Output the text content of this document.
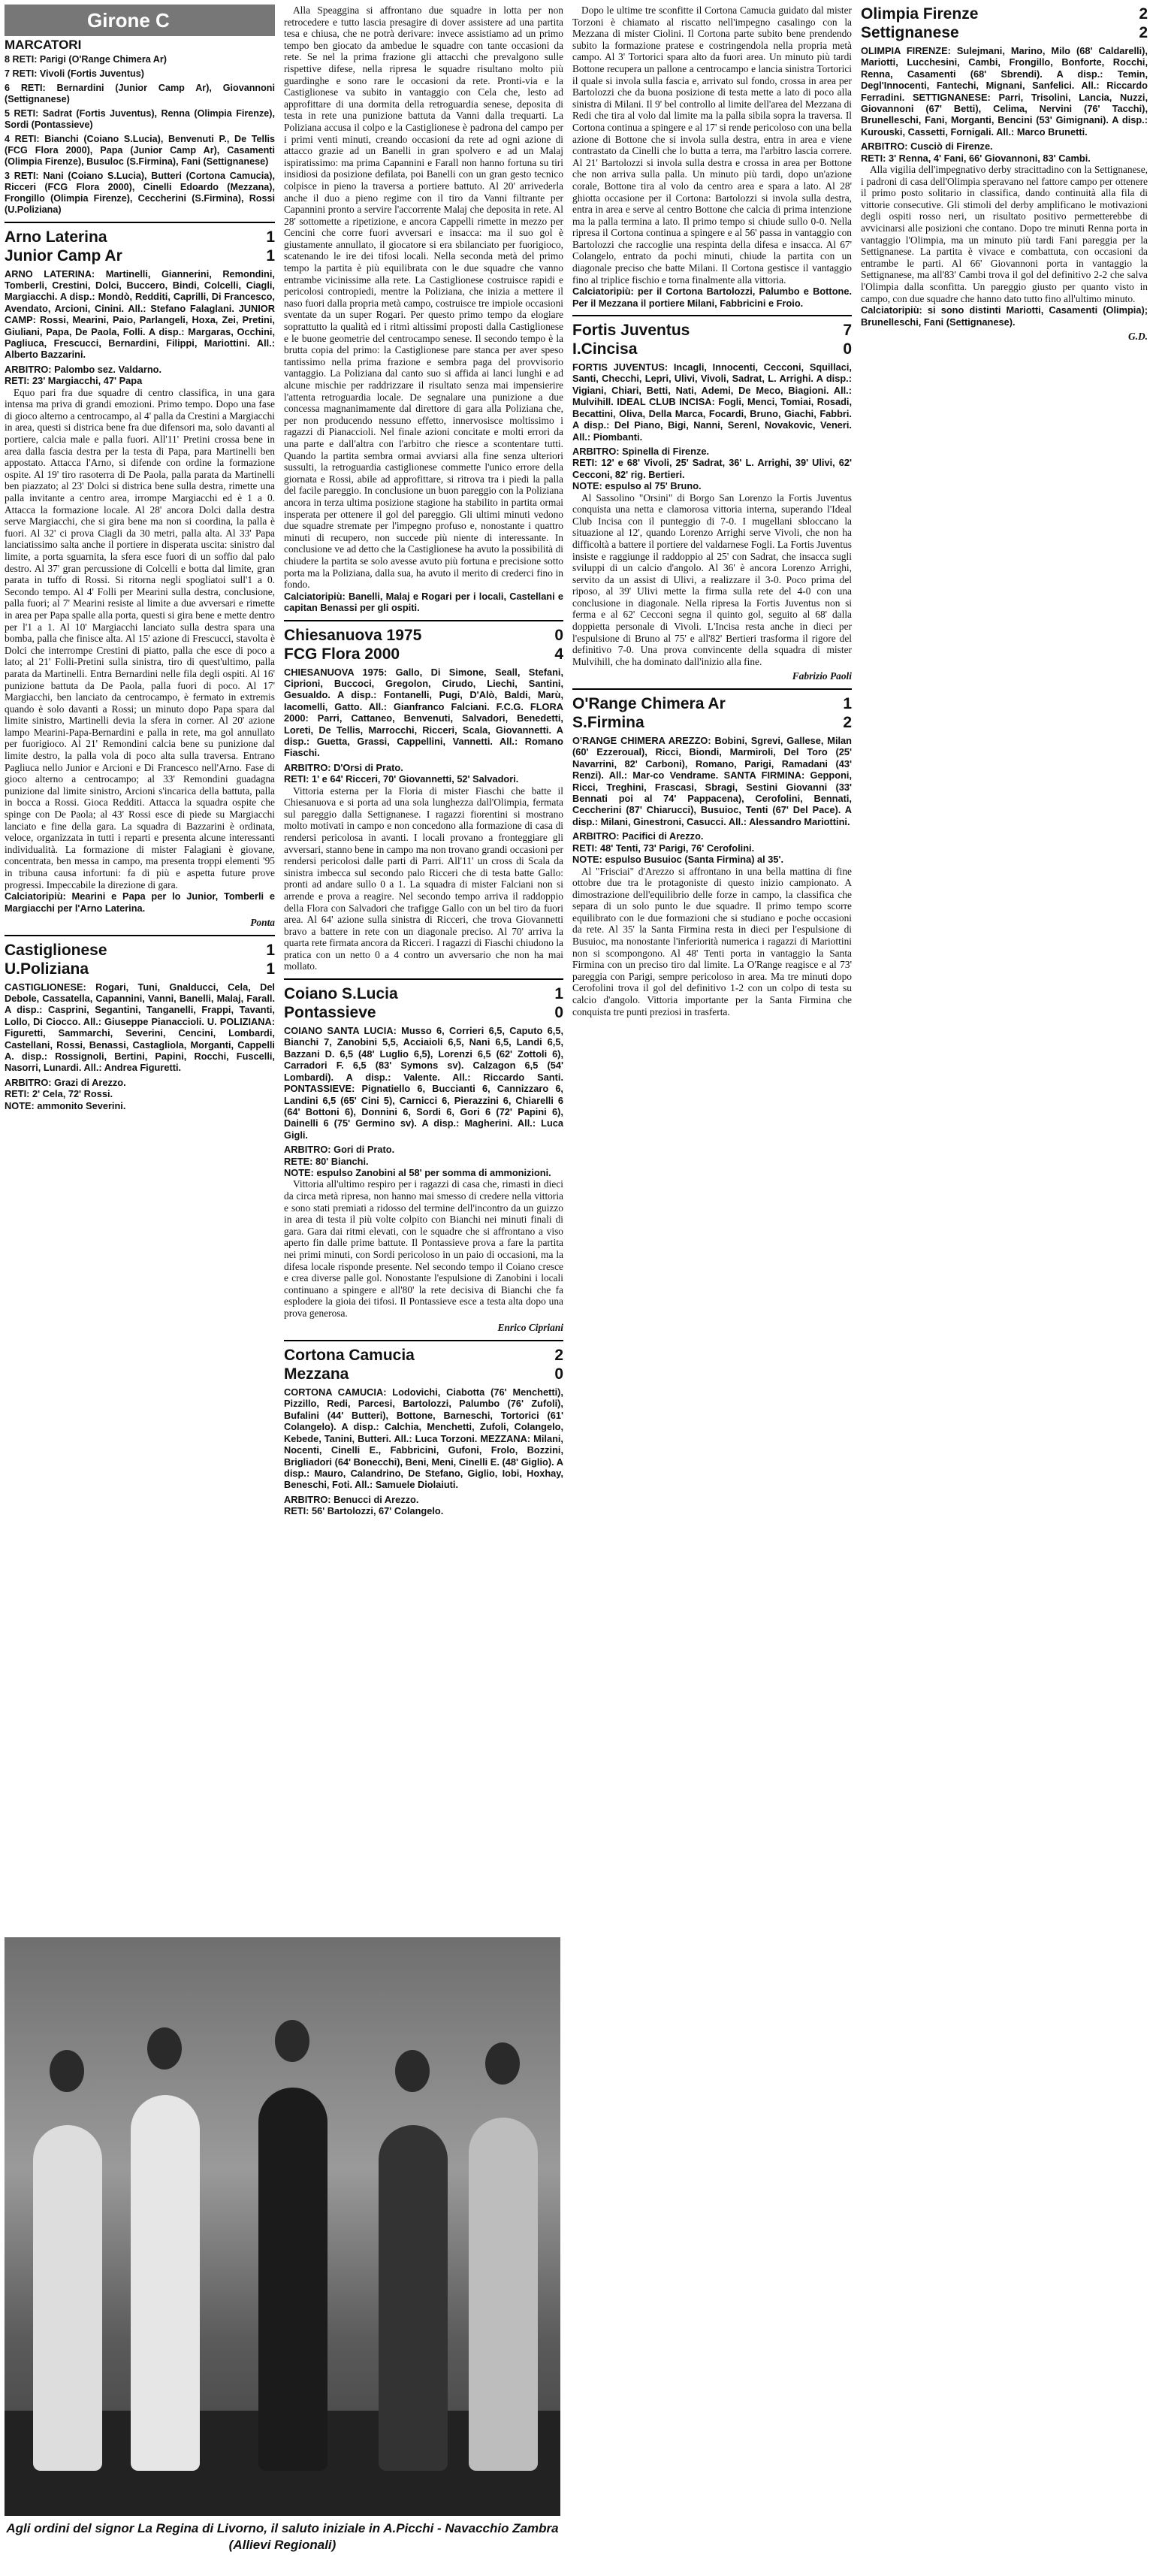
Girone C
MARCATORI
8 RETI: Parigi (O'Range Chimera Ar)
7 RETI: Vivoli (Fortis Juventus)
6 RETI: Bernardini (Junior Camp Ar), Giovannoni (Settignanese)
5 RETI: Sadrat (Fortis Juventus), Renna (Olimpia Firenze), Sordi (Pontassieve)
4 RETI: Bianchi (Coiano S.Lucia), Benvenuti P., De Tellis (FCG Flora 2000), Papa (Junior Camp Ar), Casamenti (Olimpia Firenze), Busuloc (S.Firmina), Fani (Settignanese)
3 RETI: Nani (Coiano S.Lucia), Butteri (Cortona Camucia), Ricceri (FCG Flora 2000), Cinelli Edoardo (Mezzana), Frongillo (Olimpia Firenze), Ceccherini (S.Firmina), Rossi (U.Poliziana)
Arno Laterina	1
Junior Camp Ar	1
ARNO LATERINA: Martinelli, Giannerini, Remondini, Tomberli, Crestini, Dolci, Buccero, Bindi, Colcelli, Ciagli, Margiacchi. A disp.: Mondò, Redditi, Caprilli, Di Francesco, Avendato, Arcioni, Cinini. All.: Stefano Falaglani. JUNIOR CAMP: Rossi, Mearini, Paio, Parlangeli, Hoxa, Zei, Pretini, Giuliani, Papa, De Paola, Folli. A disp.: Margaras, Occhini, Pagliuca, Frescucci, Bernardini, Filippi, Mariottini. All.: Alberto Bazzarini.
ARBITRO: Palombo sez. Valdarno.
RETI: 23' Margiacchi, 47' Papa

Equo pari fra due squadre di centro classifica, in una gara intensa ma priva di grandi emozioni. Primo tempo. Dopo una fase di gioco alterno a centrocampo, al 4' palla da Crestini a Margiacchi in area, questi si districa bene fra due difensori ma, solo davanti al portiere, calcia male e palla fuori. All'11' Pretini crossa bene in area dalla fascia destra per la testa di Papa, para Martinelli ben appostato. Attacca l'Arno, si difende con ordine la formazione ospite. Al 19' tiro rasoterra di De Paola, palla parata da Martinelli ben piazzato; al 23' Dolci si districa bene sulla destra, rimette una palla invitante a centro area, irrompe Margiacchi ed è 1 a 0. Attacca la formazione locale. Al 28' ancora Dolci dalla destra serve Margiacchi, che si gira bene ma non si coordina, la palla è fuori. Al 32' ci prova Ciagli da 30 metri, palla alta. Al 33' Papa lanciatissimo salta anche il portiere in disperata uscita: sinistro dal limite, a porta sguarnita, la sfera esce fuori di un soffio dal palo destro. Al 37' gran percussione di Colcelli e botta dal limite, gran parata in tuffo di Rossi. Si ritorna negli spogliatoi sull'1 a 0. Secondo tempo. Al 4' Folli per Mearini sulla destra, conclusione, palla fuori; al 7' Mearini resiste al limite a due avversari e rimette in area per Papa spalle alla porta, questi si gira bene e mette dentro per l'1 a 1. Al 10' Margiacchi lanciato sulla destra spara una bomba, palla che finisce alta. Al 15' azione di Frescucci, stavolta è Dolci che interrompe Crestini di piatto, palla che esce di poco a lato; al 21' Folli-Pretini sulla sinistra, tiro di quest'ultimo, palla parata da Martinelli. Entra Bernardini nelle fila degli ospiti. Al 16' punizione battuta da De Paola, palla fuori di poco. Al 17' Margiacchi, ben lanciato da centrocampo, è fermato in extremis quando è solo davanti a Rossi; un minuto dopo Papa spara dal limite sinistro, Martinelli devia la sfera in corner. Al 20' azione lampo Mearini-Papa-Bernardini e palla in rete, ma gol annullato per fuorigioco. Al 21' Remondini calcia bene su punizione dal limite destro, la palla vola di poco alta sulla traversa. Entrano Pagliuca nello Junior e Arcioni e Di Francesco nell'Arno. Fase di gioco alterno a centrocampo; al 33' Remondini guadagna punizione dal limite sinistro, Arcioni s'incarica della battuta, palla in bocca a Rossi. Gioca Redditi. Attacca la squadra ospite che spinge con De Paola; al 43' Rossi esce di piede su Margiacchi lanciato e fine della gara. La squadra di Bazzarini è ordinata, veloce, organizzata in tutti i reparti e presenta alcune interessanti individualità. La formazione di mister Falagiani è giovane, concentrata, ben messa in campo, ma presenta troppi elementi '95 in tribuna causa infortuni: fa di più e aspetta future prove progressi. Impeccabile la direzione di gara.

Calciatoripiù: Mearini e Papa per lo Junior, Tomberli e Margiacchi per l'Arno Laterina.
Ponta
Castiglionese	1
U.Poliziana	1
CASTIGLIONESE: Rogari, Tuni, Gnalducci, Cela, Del Debole, Cassatella, Capannini, Vanni, Banelli, Malaj, Farall. A disp.: Casprini, Segantini, Tanganelli, Frappi, Tavanti, Lollo, Di Ciocco. All.: Giuseppe Pianaccioli. U. POLIZIANA: Figuretti, Sammarchi, Severini, Cencini, Lombardi, Castellani, Rossi, Benassi, Castagliola, Morganti, Cappelli A. disp.: Rossignoli, Bertini, Papini, Rocchi, Fuscelli, Nasorri, Lunardi. All.: Andrea Figuretti.
ARBITRO: Grazi di Arezzo.
RETI: 2' Cela, 72' Rossi.
NOTE: ammonito Severini.

Alla Speaggina si affrontano due squadre in lotta per non retrocedere e tutto lascia presagire di dover assistere ad una partita tesa e chiusa, che ne potrà derivare: invece assistiamo ad un primo tempo ben giocato da ambedue le squadre con tante occasioni da rete. Se nel la prima frazione gli attacchi che prevalgono sulle rispettive difese, nella ripresa le squadre risultano molto più guardinghe e sono rare le occasioni da rete. Pronti-via e la Castiglionese va subito in vantaggio con Cela che, lesto ad approfittare di una dormita della retroguardia senese, deposita di testa in rete una punizione battuta da Vanni dalla trequarti. La Poliziana accusa il colpo e la Castiglionese è padrona del campo per i primi venti minuti, creando occasioni da rete ad ogni azione di attacco grazie ad un Banelli in gran spolvero e ad un Malaj ispiratissimo: ma prima Capannini e Farall non hanno fortuna su tiri insidiosi da posizione defilata, poi Banelli con un gran gesto tecnico colpisce in pieno la traversa a portiere battuto. Al 20' arrivederla anche il duo a pieno regime con il tiro da Vanni filtrante per Capannini pronto a servire l'accorrente Malaj che deposita in rete. Al 28' sottomette a ripetizione, e ancora Cappelli rimette in mezzo per Cencini che corre fuori avversari e insacca: ma il suo gol è giustamente annullato, il giocatore si era sbilanciato per fuorigioco, scatenando le ire dei tifosi locali. Nella seconda metà del primo tempo la partita è più equilibrata con le due squadre che vanno entrambe vicinissime alla rete. La Castiglionese costruisce rapidi e pericolosi contropiedi, mentre la Poliziana, che inizia a mettere il naso fuori dalla propria metà campo, costruisce tre impiole occasioni sventate da un super Rogari. Per questo primo tempo da elogiare soprattutto la qualità ed i ritmi altissimi proposti dalla Castiglionese e le buone geometrie del centrocampo senese. Il secondo tempo è la brutta copia del primo: la Castiglionese pare stanca per aver speso tantissimo nella prima frazione e sembra paga del provvisorio vantaggio. La Poliziana dal canto suo si affida ai lanci lunghi e ad alcune mischie per raddrizzare il risultato senza mai impensierire l'attenta retroguardia locale. De segnalare una punizione a due concessa magnanimamente dal direttore di gara alla Poliziana che, per non producendo nessuno effetto, innervosisce moltissimo i ragazzi di Pianaccioli. Nel finale azioni concitate e molti errori da una parte e dall'altra con l'arbitro che riesce a scontentare tutti. Quando la partita sembra ormai avviarsi alla fine senza ulteriori sussulti, la retroguardia castiglionese commette l'unico errore della giornata e Rossi, abile ad approfittare, si ritrova tra i piedi la palla del facile pareggio. In conclusione un buon pareggio con la Poliziana ancora in terza ultima posizione stagione ha stabilito in partita ormai insperata per ottenere il gol del pareggio. Gli ultimi minuti vedono due squadre stremate per l'impegno profuso e, nonostante i quattro minuti di recupero, non succede più niente di interessante. In conclusione ve ad detto che la Castiglionese ha avuto la possibilità di chiudere la partita se solo avesse avuto più fortuna e precisione sotto porta ma la Poliziana, dalla sua, ha avuto il merito di crederci fino in fondo.

Calciatoripiù: Banelli, Malaj e Rogari per i locali, Castellani e capitan Benassi per gli ospiti.
Chiesanuova 1975	0
FCG Flora 2000	4
CHIESANUOVA 1975: Gallo, Di Simone, Seall, Stefani, Ciprioni, Buccoci, Gregolon, Cirudo, Liechi, Santini, Gesualdo. A disp.: Fontanelli, Pugi, D'Alò, Baldi, Marù, Iacomelli, Gatto. All.: Gianfranco Falciani. F.C.G. FLORA 2000: Parri, Cattaneo, Benvenuti, Salvadori, Benedetti, Loreti, De Tellis, Marrocchi, Ricceri, Scala, Giovannetti. A disp.: Guetta, Grassi, Cappellini, Vannetti. All.: Romano Fiaschi.
ARBITRO: D'Orsi di Prato.
RETI: 1' e 64' Ricceri, 70' Giovannetti, 52' Salvadori.

Vittoria esterna per la Floria di mister Fiaschi che batte il Chiesanuova e si porta ad una sola lunghezza dall'Olimpia, fermata sul pareggio dalla Settignanese. I ragazzi fiorentini si mostrano molto motivati in campo e non concedono alla formazione di casa di rendersi pericolosa in avanti. I locali provano a fronteggiare gli avversari, stanno bene in campo ma non trovano grandi occasioni per rendersi pericolosi dalle parti di Parri. All'11' un cross di Scala da sinistra imbecca sul secondo palo Ricceri che di testa batte Gallo: pronti ad andare sullo 0 a 1. La squadra di mister Falciani non si arrende e prova a reagire. Nel secondo tempo arriva il raddoppio della Flora con Salvadori che trafigge Gallo con un bel tiro da fuori area. Al 64' azione sulla sinistra di Ricceri, che trova Giovannetti bravo a battere in rete con un diagonale preciso. Al 70' arriva la quarta rete firmata ancora da Ricceri. I ragazzi di Fiaschi chiudono la pratica con un netto 0 a 4 contro un avversario che non ha mai mollato.

Coiano S.Lucia	1
Pontassieve	0
COIANO SANTA LUCIA: Musso 6, Corrieri 6,5, Caputo 6,5, Bianchi 7, Zanobini 5,5, Acciaioli 6,5, Nani 6,5, Landi 6,5, Bazzani D. 6,5 (48' Luglio 6,5), Lorenzi 6,5 (62' Zottoli 6), Carradori F. 6,5 (83' Symons sv). Calzagon 6,5 (54' Lombardi). A disp.: Valente. All.: Riccardo Santi. PONTASSIEVE: Pignatiello 6, Buccianti 6, Cannizzaro 6, Landini 6,5 (65' Cini 5), Carnicci 6, Pierazzini 6, Chiarelli 6 (64' Bottoni 6), Donnini 6, Sordi 6, Gori 6 (72' Papini 6), Dainelli 6 (75' Germino sv). A disp.: Magherini. All.: Luca Gigli.
ARBITRO: Gori di Prato.
RETE: 80' Bianchi.
NOTE: espulso Zanobini al 58' per somma di ammonizioni.

Vittoria all'ultimo respiro per i ragazzi di casa che, rimasti in dieci da circa metà ripresa, non hanno mai smesso di credere nella vittoria e sono stati premiati a ridosso del termine dell'incontro da un guizzo in area di testa il più volte colpito con Bianchi nei minuti finali di gara. Gara dai ritmi elevati, con le squadre che si affrontano a viso aperto fin dalle prime battute. Il Pontassieve prova a fare la partita nei primi minuti, con Sordi pericoloso in un paio di occasioni, ma la difesa locale risponde presente. Nel secondo tempo il Coiano cresce e crea diverse palle gol. Nonostante l'espulsione di Zanobini i locali continuano a spingere e all'80' la rete decisiva di Bianchi che fa esplodere la gioia dei tifosi. Il Pontassieve esce a testa alta dopo una prova generosa.

Enrico Cipriani
Cortona Camucia	2
Mezzana	0
CORTONA CAMUCIA: Lodovichi, Ciabotta (76' Menchetti), Pizzillo, Redi, Parcesi, Bartolozzi, Palumbo (76' Zufoli), Bufalini (44' Butteri), Bottone, Barneschi, Tortorici (61' Colangelo). A disp.: Calchia, Menchetti, Zufoli, Colangelo, Kebede, Tanini, Butteri. All.: Luca Torzoni. MEZZANA: Milani, Nocenti, Cinelli E., Fabbricini, Gufoni, Frolo, Bozzini, Brigliadori (64' Bonecchi), Beni, Meni, Cinelli E. (48' Giglio). A disp.: Mauro, Calandrino, De Stefano, Giglio, Iobi, Hoxhay, Beneschi, Foti. All.: Samuele Diolaiuti.
ARBITRO: Benucci di Arezzo.
RETI: 56' Bartolozzi, 67' Colangelo.

Dopo le ultime tre sconfitte il Cortona Camucia guidato dal mister Torzoni è chiamato al riscatto nell'impegno casalingo con la Mezzana di mister Ciolini. Il Cortona parte subito bene prendendo subito la formazione pratese e costringendola nella propria metà campo. Al 3' Tortorici spara alto da fuori area. Un minuto più tardi Bottone recupera un pallone a centrocampo e lancia sinistra Tortorici il quale si invola sulla fascia e, arrivato sul fondo, crossa in area per Bartolozzi che da buona posizione di testa mette a lato di poco alla sinistra di Milani. Il 9' bel controllo al limite dell'area del Mezzana di Redi che tira al volo dal limite ma la palla sibila sopra la traversa. Il Cortona continua a spingere e al 17' si rende pericoloso con una bella azione di Bottone che si invola sulla destra, entra in area e viene contrastato da Cinelli che lo butta a terra, ma l'arbitro lascia correre. Al 21' Bartolozzi si invola sulla destra e crossa in area per Bottone che non arriva sulla palla. Un minuto più tardi, dopo un'azione corale, Bottone tira al volo da centro area e spara a lato. Al 28' ghiotta occasione per il Cortona: Bartolozzi si invola sulla destra, entra in area e serve al centro Bottone che calcia di prima intenzione ma la palla termina a lato. Il primo tempo si chiude sullo 0-0. Nella ripresa il Cortona continua a spingere e al 56' passa in vantaggio con Bartolozzi che raccoglie una respinta della difesa e insacca. Al 67' Colangelo, entrato da pochi minuti, chiude la partita con un diagonale preciso che batte Milani. Il Cortona gestisce il vantaggio fino al triplice fischio e torna finalmente alla vittoria.

Calciatoripiù: per il Cortona Bartolozzi, Palumbo e Bottone. Per il Mezzana il portiere Milani, Fabbricini e Froio.
Fortis Juventus	7
I.Cincisa	0
FORTIS JUVENTUS: Incagli, Innocenti, Cecconi, Squillaci, Santi, Checchi, Lepri, Ulivi, Vivoli, Sadrat, L. Arrighi. A disp.: Vigiani, Chiari, Betti, Nati, Ademi, De Meco, Biagioni. All.: Mulvihill. IDEAL CLUB INCISA: Fogli, Menci, Tomiai, Rosadi, Becattini, Oliva, Della Marca, Focardi, Bruno, Giachi, Fabbri. A disp.: Del Piano, Bigi, Nanni, Serenl, Novakovic, Veneri. All.: Piombanti.
ARBITRO: Spinella di Firenze.
RETI: 12' e 68' Vivoli, 25' Sadrat, 36' L. Arrighi, 39' Ulivi, 62' Cecconi, 82' rig. Bertieri.
NOTE: espulso al 75' Bruno.

Al Sassolino "Orsini" di Borgo San Lorenzo la Fortis Juventus conquista una netta e clamorosa vittoria interna, superando l'Ideal Club Incisa con il punteggio di 7-0. I mugellani sbloccano la situazione al 12', quando Lorenzo Arrighi serve Vivoli, che non ha difficoltà a battere il portiere del valdarnese Fogli. La Fortis Juventus insiste e raggiunge il raddoppio al 25' con Sadrat, che insacca sugli sviluppi di un calcio d'angolo. Al 36' è ancora Lorenzo Arrighi, servito da un assist di Ulivi, a realizzare il 3-0. Poco prima del riposo, al 39' Ulivi mette la firma sulla rete del 4-0 con una conclusione in diagonale. Nella ripresa la Fortis Juventus non si ferma e al 62' Cecconi segna il quinto gol, seguito al 68' dalla doppietta personale di Vivoli. L'Incisa resta anche in dieci per l'espulsione di Bruno al 75' e all'82' Bertieri trasforma il rigore del definitivo 7-0. Una prova convincente della squadra di mister Mulvihill, che ha dominato dall'inizio alla fine.

Fabrizio Paoli
O'Range Chimera Ar	1
S.Firmina	2
O'RANGE CHIMERA AREZZO: Bobini, Sgrevi, Gallese, Milan (60' Ezzeroual), Ricci, Biondi, Marmiroli, Del Toro (25' Navarrini, 82' Carboni), Romano, Parigi, Ramadani (43' Renzi). All.: Mar-co Vendrame. SANTA FIRMINA: Gepponi, Ricci, Treghini, Frascasi, Sbragi, Sestini Giovanni (33' Bennati poi al 74' Pappacena), Cerofolini, Bennati, Ceccherini (87' Chiarucci), Busuioc, Tenti (67' Del Pace). A disp.: Milani, Ginestroni, Casucci. All.: Alessandro Mariottini.
ARBITRO: Pacifici di Arezzo.
RETI: 48' Tenti, 73' Parigi, 76' Cerofolini.
NOTE: espulso Busuioc (Santa Firmina) al 35'.

Al "Frisciai" d'Arezzo si affrontano in una bella mattina di fine ottobre due tra le protagoniste di questo inizio campionato. A dimostrazione dell'equilibrio delle forze in campo, la classifica che separa di un solo punto le due squadre. Il primo tempo scorre equilibrato con le due formazioni che si studiano e poche occasioni da rete. Al 35' la Santa Firmina resta in dieci per l'espulsione di Busuioc, ma nonostante l'inferiorità numerica i ragazzi di Mariottini non si scompongono. Al 48' Tenti porta in vantaggio la Santa Firmina con un preciso tiro dal limite. La O'Range reagisce e al 73' pareggia con Parigi, sempre pericoloso in area. Ma tre minuti dopo Cerofolini trova il gol del definitivo 1-2 con un colpo di testa su calcio d'angolo. Vittoria importante per la Santa Firmina che conquista tre punti preziosi in trasferta.

Olimpia Firenze	2
Settignanese	2
OLIMPIA FIRENZE: Sulejmani, Marino, Milo (68' Caldarelli), Mariotti, Lucchesini, Cambi, Frongillo, Bonforte, Rocchi, Renna, Casamenti (68' Sbrendi). A disp.: Temin, Degl'Innocenti, Fantechi, Mignani, Sanfelici. All.: Riccardo Ferradini. SETTIGNANESE: Parri, Trisolini, Lancia, Nuzzi, Giovannoni (67' Betti), Celima, Nervini (76' Tacchi), Brunelleschi, Fani, Morganti, Bencini (53' Gimignani). A disp.: Kurouski, Cassetti, Fornigali. All.: Marco Brunetti.
ARBITRO: Cusciò di Firenze.
RETI: 3' Renna, 4' Fani, 66' Giovannoni, 83' Cambi.

Alla vigilia dell'impegnativo derby stracittadino con la Settignanese, i padroni di casa dell'Olimpia speravano nel fattore campo per ottenere il primo posto solitario in classifica, dando continuità alla fila di vittorie consecutive. Gli stimoli del derby amplificano le motivazioni degli ospiti rosso neri, un risultato positivo permetterebbe di avvicinarsi alle posizioni che contano. Dopo tre minuti Renna porta in vantaggio l'Olimpia, ma un minuto più tardi Fani pareggia per la Settignanese. La partita è vivace e combattuta, con occasioni da entrambe le parti. Al 66' Giovannoni porta in vantaggio la Settignanese, ma all'83' Cambi trova il gol del definitivo 2-2 che salva l'Olimpia dalla sconfitta. Un pareggio giusto per quanto visto in campo, con due squadre che hanno dato tutto fino all'ultimo minuto.

Calciatoripiù: si sono distinti Mariotti, Casamenti (Olimpia); Brunelleschi, Fani (Settignanese).
G.D.
Agli ordini del signor La Regina di Livorno, il saluto iniziale in A.Picchi - Navacchio Zambra (Allievi Regionali)
